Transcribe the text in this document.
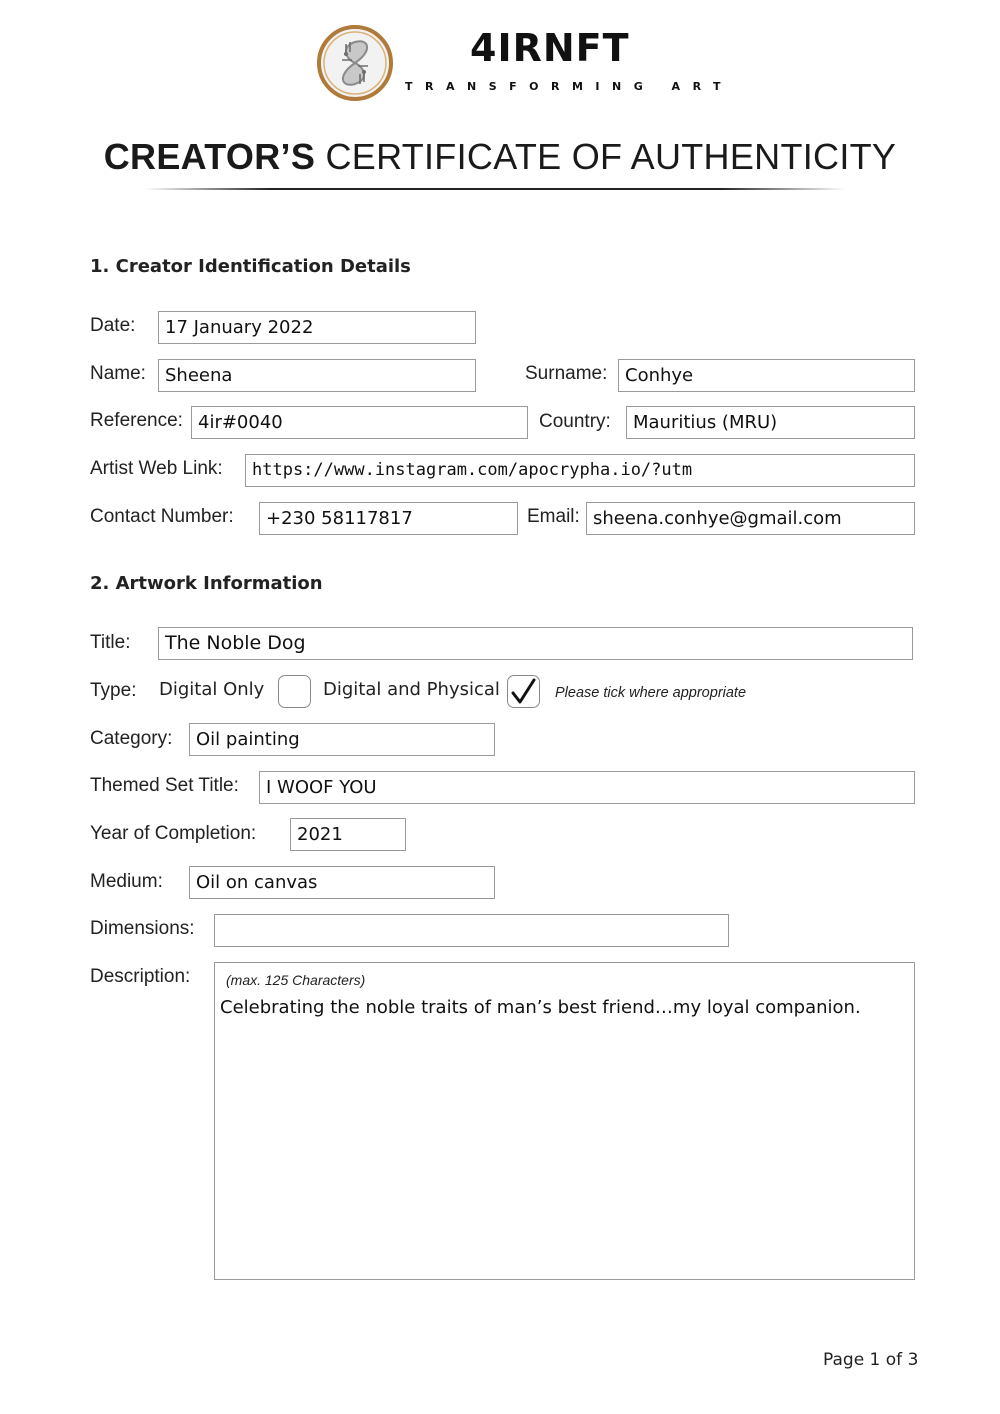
4IRNFT
TRANSFORMING ART
CREATOR’S CERTIFICATE OF AUTHENTICITY
1. Creator Identification Details
Date:	17 January 2022
Name:	Sheena	Surname: Conhye
Reference: 4ir#0040	Country:	Mauritius (MRU)
Artist Web Link:	https://www.instagram.com/apocrypha.io/?utm
Contact Number:	+230 58117817	Email: sheena.conhye@gmail.com
2. Artwork Information
Title:	The Noble Dog
Type: Digital Only	Digital and Physical	Please tick where appropriate
Category:	Oil painting
Themed Set Title:	I WOOF YOU
Year of Completion:	2021
Medium:	Oil on canvas
Dimensions:
Description:	(max. 125 Characters)
Celebrating the noble traits of man’s best friend…my loyal companion.
Page 1 of 3
